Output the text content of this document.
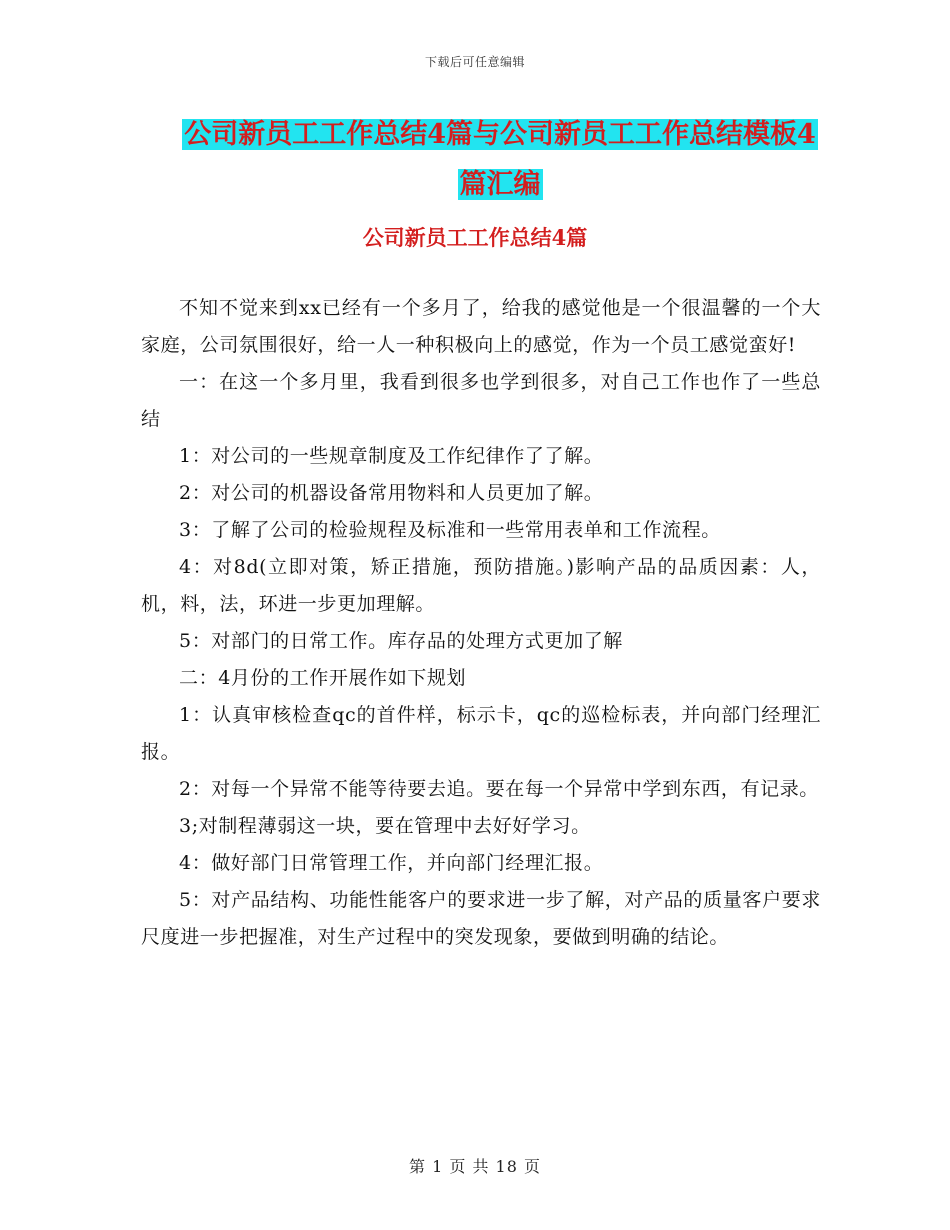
下载后可任意编辑
公司新员工工作总结4篇与公司新员工工作总结模板4
篇汇编
公司新员工工作总结4篇

不知不觉来到xx已经有一个多月了，给我的感觉他是一个很温馨的一个大家庭，公司氛围很好，给一人一种积极向上的感觉，作为一个员工感觉蛮好!

一：在这一个多月里，我看到很多也学到很多，对自己工作也作了一些总结

1：对公司的一些规章制度及工作纪律作了了解。

2：对公司的机器设备常用物料和人员更加了解。

3：了解了公司的检验规程及标准和一些常用表单和工作流程。

4：对8d(立即对策，矫正措施，预防措施。)影响产品的品质因素：人，机，料，法，环进一步更加理解。

5：对部门的日常工作。库存品的处理方式更加了解

二：4月份的工作开展作如下规划

1：认真审核检查qc的首件样，标示卡，qc的巡检标表，并向部门经理汇报。

2：对每一个异常不能等待要去追。要在每一个异常中学到东西，有记录。

3;对制程薄弱这一块，要在管理中去好好学习。

4：做好部门日常管理工作，并向部门经理汇报。

5：对产品结构、功能性能客户的要求进一步了解，对产品的质量客户要求尺度进一步把握准，对生产过程中的突发现象，要做到明确的结论。

第 1 页 共 18 页
